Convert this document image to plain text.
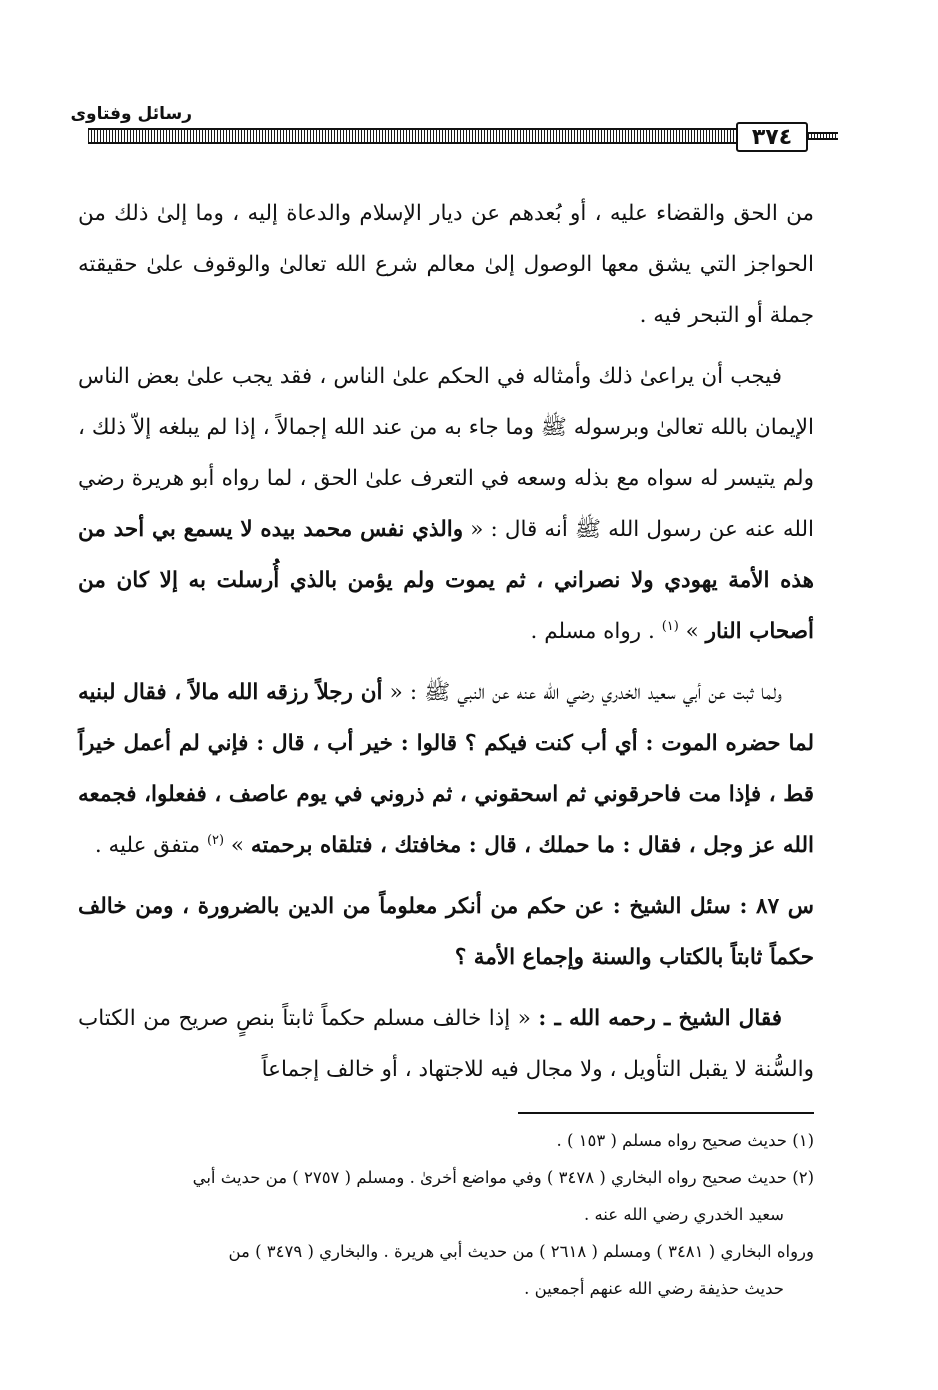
رسائل وفتاوى
٣٧٤

من الحق والقضاء عليه ، أو بُعدهم عن ديار الإسلام والدعاة إليه ، وما إلىٰ ذلك من الحواجز التي يشق معها الوصول إلىٰ معالم شرع الله تعالىٰ والوقوف علىٰ حقيقته جملة أو التبحر فيه .

فيجب أن يراعىٰ ذلك وأمثاله في الحكم علىٰ الناس ، فقد يجب علىٰ بعض الناس الإيمان بالله تعالىٰ وبرسوله ﷺ وما جاء به من عند الله إجمالاً ، إذا لم يبلغه إلاّ ذلك ، ولم يتيسر له سواه مع بذله وسعه في التعرف علىٰ الحق ، لما رواه أبو هريرة رضي الله عنه عن رسول الله ﷺ أنه قال : « والذي نفس محمد بيده لا يسمع بي أحد من هذه الأمة يهودي ولا نصراني ، ثم يموت ولم يؤمن بالذي أُرسلت به إلا كان من أصحاب النار » $^{(١)}$ . رواه مسلم .

ولما ثبت عن أبي سعيد الخدري رضي الله عنه عن النبي ﷺ : « أن رجلاً رزقه الله مالاً ، فقال لبنيه لما حضره الموت : أي أب كنت فيكم ؟ قالوا : خير أب ، قال : فإني لم أعمل خيراً قط ، فإذا مت فاحرقوني ثم اسحقوني ، ثم ذروني في يوم عاصف ، ففعلوا، فجمعه الله عز وجل ، فقال : ما حملك ، قال : مخافتك ، فتلقاه برحمته » $^{(٢)}$ متفق عليه .

س ٨٧ : سئل الشيخ : عن حكم من أنكر معلوماً من الدين بالضرورة ، ومن خالف حكماً ثابتاً بالكتاب والسنة وإجماع الأمة ؟

فقال الشيخ ـ رحمه الله ـ : « إذا خالف مسلم حكماً ثابتاً بنصٍ صريح من الكتاب والسُّنة لا يقبل التأويل ، ولا مجال فيه للاجتهاد ، أو خالف إجماعاً

(١) حديث صحيح رواه مسلم ( ١٥٣ ) .

(٢) حديث صحيح رواه البخاري ( ٣٤٧٨ ) وفي مواضع أخرىٰ . ومسلم ( ٢٧٥٧ ) من حديث أبي

سعيد الخدري رضي الله عنه .

ورواه البخاري ( ٣٤٨١ ) ومسلم ( ٢٦١٨ ) من حديث أبي هريرة . والبخاري ( ٣٤٧٩ ) من

حديث حذيفة رضي الله عنهم أجمعين .
